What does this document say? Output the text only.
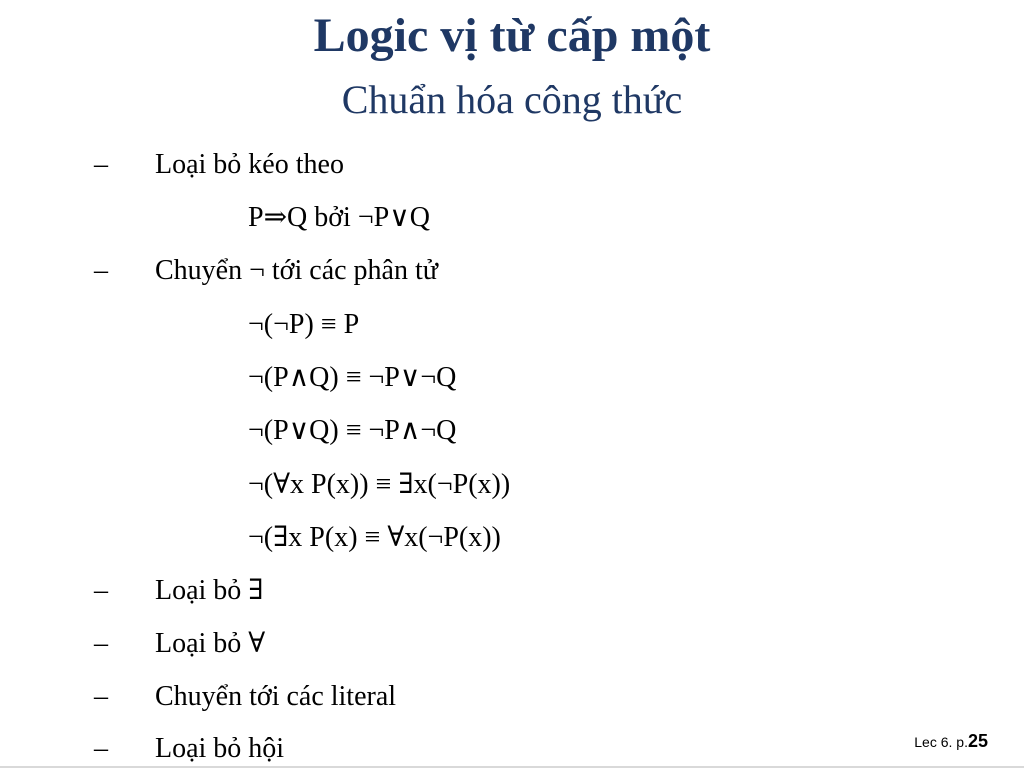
Logic vị từ cấp một
Chuẩn hóa công thức
– Loại bỏ kéo theo
P⇒Q bởi ¬P∨Q
– Chuyển ¬ tới các phân tử
¬(¬P) ≡ P
¬(P∧Q) ≡ ¬P∨¬Q
¬(P∨Q) ≡ ¬P∧¬Q
¬(∀x P(x)) ≡ ∃x(¬P(x))
¬(∃x P(x) ≡ ∀x(¬P(x))
– Loại bỏ ∃
– Loại bỏ ∀
– Chuyển tới các literal
– Loại bỏ hội	Lec 6. p.25
